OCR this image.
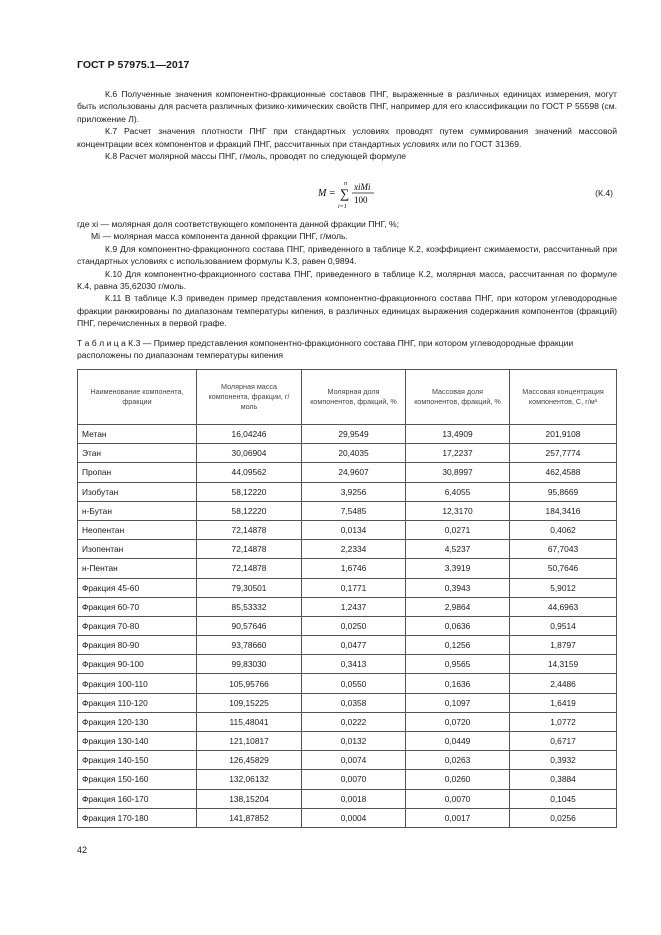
ГОСТ Р 57975.1—2017

К.6 Полученные значения компонентно-фракционные составов ПНГ, выраженные в различных единицах измерения, могут быть использованы для расчета различных физико-химических свойств ПНГ, например для его классификации по ГОСТ Р 55598 (см. приложение Л).

К.7 Расчет значения плотности ПНГ при стандартных условиях проводят путем суммирования значений массовой концентрации всех компонентов и фракций ПНГ, рассчитанных при стандартных условиях или по ГОСТ 31369.

К.8 Расчет молярной массы ПНГ, г/моль, проводят по следующей формуле

M =
n
∑
i=1
xiMi
100
(К.4)

где xi — молярная доля соответствующего компонента данной фракции ПНГ, %;

Mi — молярная масса компонента данной фракции ПНГ, г/моль.

К.9 Для компонентно-фракционного состава ПНГ, приведенного в таблице К.2, коэффициент сжимаемости, рассчитанный при стандартных условиях с использованием формулы К.3, равен 0,9894.

К.10 Для компонентно-фракционного состава ПНГ, приведенного в таблице К.2, молярная масса, рассчитанная по формуле К.4, равна 35,62030 г/моль.

К.11 В таблице К.3 приведен пример представления компонентно-фракционного состава ПНГ, при котором углеводородные фракции ранжированы по диапазонам температуры кипения, в различных единицах выражения содержания компонентов (фракций) ПНГ, перечисленных в первой графе.

Т а б л и ц а К.3 — Пример представления компонентно-фракционного состава ПНГ, при котором углеводородные фракции расположены по диапазонам температуры кипения
Наименование компонента, фракции	Молярная масса компонента, фракции, г/моль	Молярная доля компонентов, фракций, %	Массовая доля компонентов, фракций, %	Массовая концентрация компонентов, C, г/м³
Метан	16,04246	29,9549	13,4909	201,9108
Этан	30,06904	20,4035	17,2237	257,7774
Пропан	44,09562	24,9607	30,8997	462,4588
Изобутан	58,12220	3,9256	6,4055	95,8669
н-Бутан	58,12220	7,5485	12,3170	184,3416
Неопентан	72,14878	0,0134	0,0271	0,4062
Изопентан	72,14878	2,2334	4,5237	67,7043
н-Пентан	72,14878	1,6746	3,3919	50,7646
Фракция 45-60	79,30501	0,1771	0,3943	5,9012
Фракция 60-70	85,53332	1,2437	2,9864	44,6963
Фракция 70-80	90,57646	0,0250	0,0636	0,9514
Фракция 80-90	93,78660	0,0477	0,1256	1,8797
Фракция 90-100	99,83030	0,3413	0,9565	14,3159
Фракция 100-110	105,95766	0,0550	0,1636	2,4486
Фракция 110-120	109,15225	0,0358	0,1097	1,6419
Фракция 120-130	115,48041	0,0222	0,0720	1,0772
Фракция 130-140	121,10817	0,0132	0,0449	0,6717
Фракция 140-150	126,45829	0,0074	0,0263	0,3932
Фракция 150-160	132,06132	0,0070	0,0260	0,3884
Фракция 160-170	138,15204	0,0018	0,0070	0,1045
Фракция 170-180	141,87852	0,0004	0,0017	0,0256
42
